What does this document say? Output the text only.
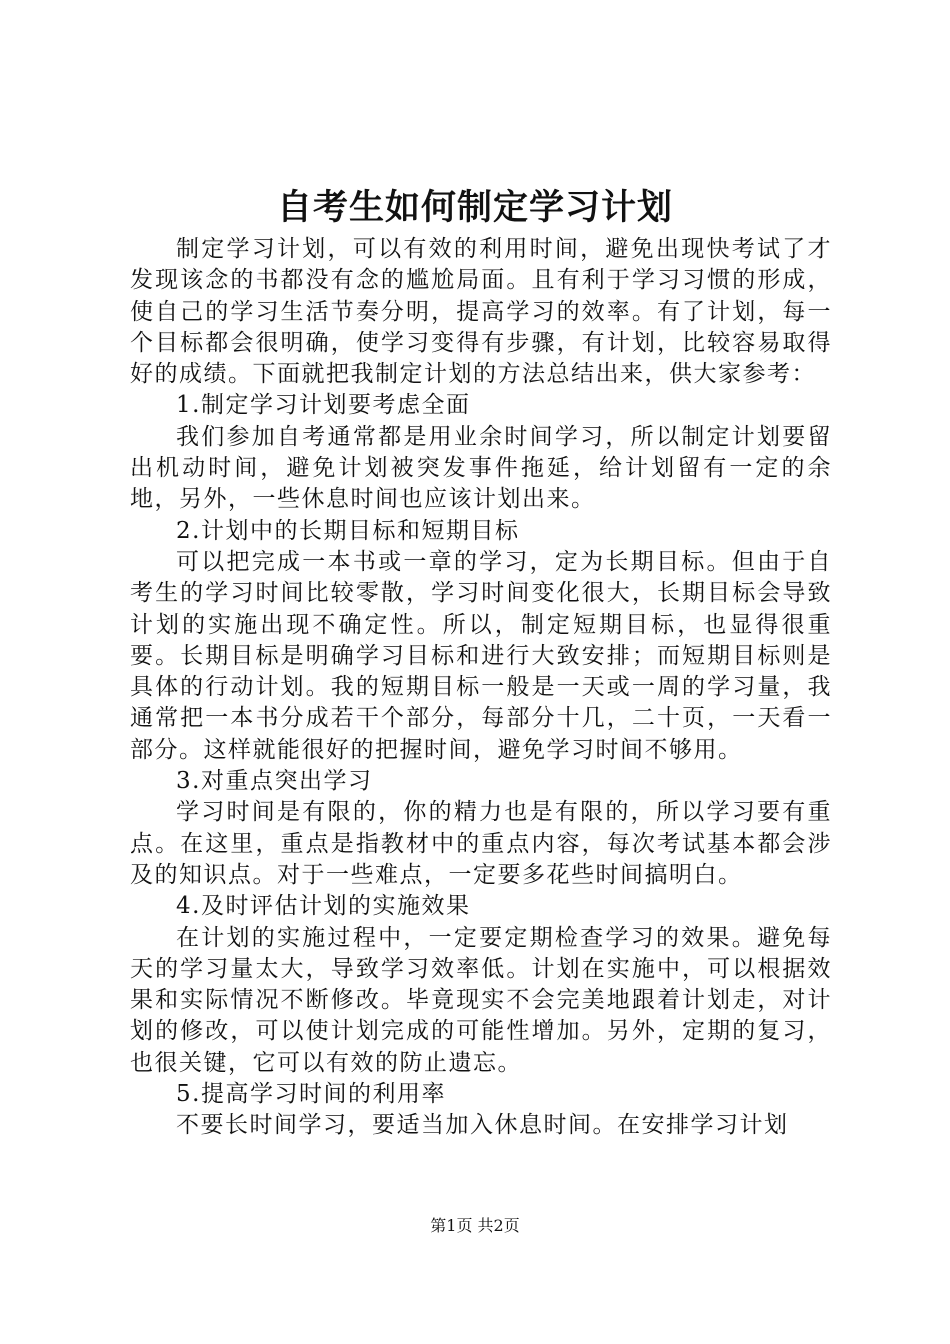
自考生如何制定学习计划

制定学习计划，可以有效的利用时间，避免出现快考试了才发现该念的书都没有念的尴尬局面。且有利于学习习惯的形成，使自己的学习生活节奏分明，提高学习的效率。有了计划，每一个目标都会很明确，使学习变得有步骤，有计划，比较容易取得好的成绩。下面就把我制定计划的方法总结出来，供大家参考：

1.制定学习计划要考虑全面

我们参加自考通常都是用业余时间学习，所以制定计划要留出机动时间，避免计划被突发事件拖延，给计划留有一定的余地，另外，一些休息时间也应该计划出来。

2.计划中的长期目标和短期目标

可以把完成一本书或一章的学习，定为长期目标。但由于自考生的学习时间比较零散，学习时间变化很大，长期目标会导致计划的实施出现不确定性。所以，制定短期目标，也显得很重要。长期目标是明确学习目标和进行大致安排；而短期目标则是具体的行动计划。我的短期目标一般是一天或一周的学习量，我通常把一本书分成若干个部分，每部分十几，二十页，一天看一部分。这样就能很好的把握时间，避免学习时间不够用。

3.对重点突出学习

学习时间是有限的，你的精力也是有限的，所以学习要有重点。在这里，重点是指教材中的重点内容，每次考试基本都会涉及的知识点。对于一些难点，一定要多花些时间搞明白。

4.及时评估计划的实施效果

在计划的实施过程中，一定要定期检查学习的效果。避免每天的学习量太大，导致学习效率低。计划在实施中，可以根据效果和实际情况不断修改。毕竟现实不会完美地跟着计划走，对计划的修改，可以使计划完成的可能性增加。另外，定期的复习，也很关键，它可以有效的防止遗忘。

5.提高学习时间的利用率

不要长时间学习，要适当加入休息时间。在安排学习计划

第1页 共2页
